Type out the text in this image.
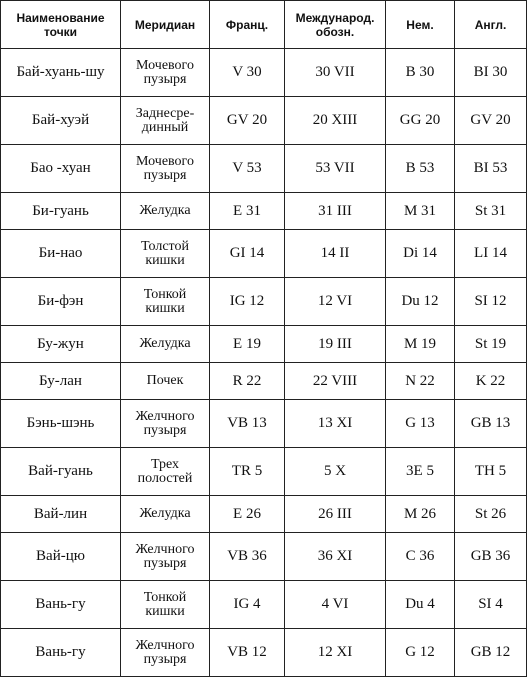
Наименование точки	Меридиан	Франц.	Международ. обозн.	Нем.	Англ.
Бай-хуань-шу	Мочевого пузыря	V 30	30 VII	B 30	BI 30
Бай-хуэй	Заднесре-динный	GV 20	20 XIII	GG 20	GV 20
Бао -хуан	Мочевого пузыря	V 53	53 VII	B 53	BI 53
Би-гуань	Желудка	E 31	31 III	M 31	St 31
Би-нао	Толстой кишки	GI 14	14 II	Di 14	LI 14
Би-фэн	Тонкой кишки	IG 12	12 VI	Du 12	SI 12
Бу-жун	Желудка	E 19	19 III	M 19	St 19
Бу-лан	Почек	R 22	22 VIII	N 22	K 22
Бэнь-шэнь	Желчного пузыря	VB 13	13 XI	G 13	GB 13
Вай-гуань	Трех полостей	TR 5	5 X	3E 5	TH 5
Вай-лин	Желудка	E 26	26 III	M 26	St 26
Вай-цю	Желчного пузыря	VB 36	36 XI	C 36	GB 36
Вань-гу	Тонкой кишки	IG 4	4 VI	Du 4	SI 4
Вань-гу	Желчного пузыря	VB 12	12 XI	G 12	GB 12
